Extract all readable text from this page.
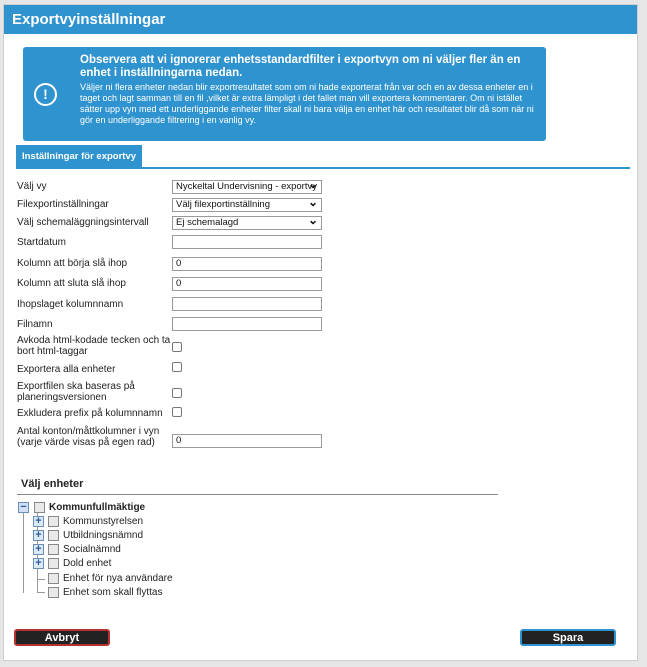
Exportvyinställningar
!
Observera att vi ignorerar enhetsstandardfilter i exportvyn om ni väljer fler än en enhet i inställningarna nedan.
Väljer ni flera enheter nedan blir exportresultatet som om ni hade exporterat från var och en av dessa enheter en i taget och lagt samman till en fil ,vilket är extra lämpligt i det fallet man vill exportera kommentarer. Om ni istället sätter upp vyn med ett underliggande enheter filter skall ni bara välja en enhet här och resultatet blir då som när ni gör en underliggande filtrering i en vanlig vy.
Inställningar för exportvy
Välj vy	Nyckeltal Undervisning - exportvy ⌄
Filexportinställningar	Välj filexportinställning ⌄
Välj schemaläggningsintervall	Ej schemalagd ⌄
Startdatum
Kolumn att börja slå ihop	0
Kolumn att sluta slå ihop	0
Ihopslaget kolumnnamn
Filnamn
Avkoda html-kodade tecken och ta bort html-taggar
Exportera alla enheter
Exportfilen ska baseras på planeringsversionen
Exkludera prefix på kolumnnamn
Antal konton/måttkolumner i vyn (varje värde visas på egen rad)	0
Välj enheter
− Kommunfullmäktige
+ Kommunstyrelsen
+ Utbildningsnämnd
+ Socialnämnd
+ Dold enhet
Enhet för nya användare
Enhet som skall flyttas
Avbryt	Spara
